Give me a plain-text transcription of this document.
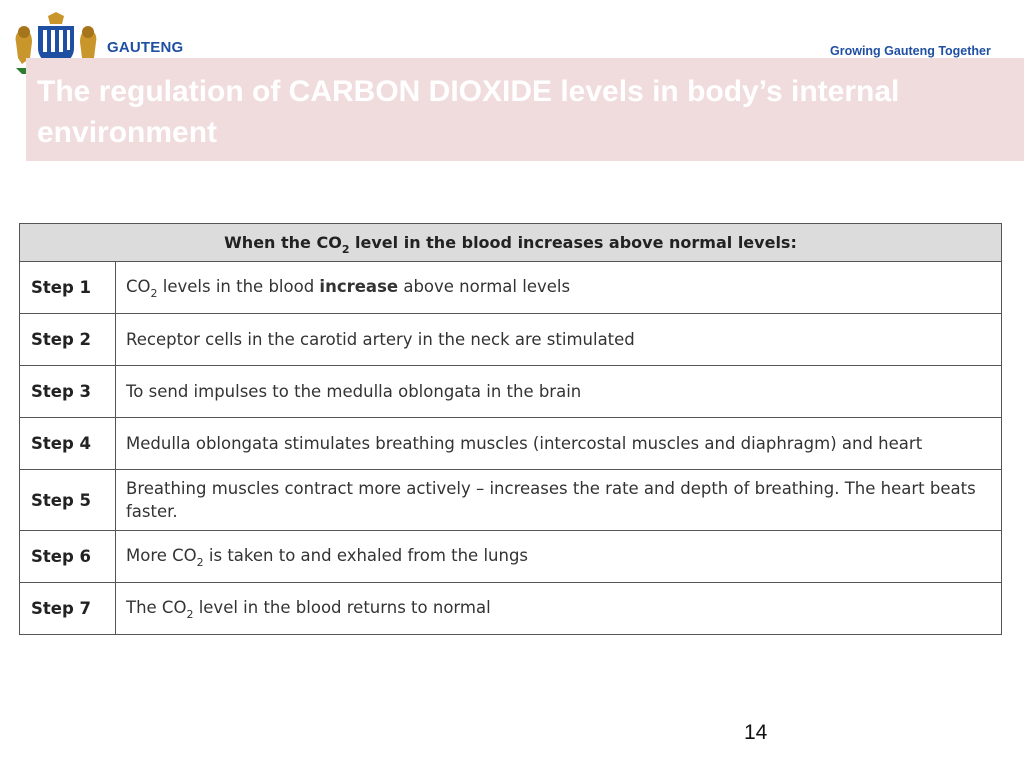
GAUTENG	Growing Gauteng Together
The regulation of CARBON DIOXIDE levels in body’s internal environment
When the $CO_2$ level in the blood increases above normal levels:	
Step 1	$CO_2$ levels in the blood increase above normal levels
Step 2	Receptor cells in the carotid artery in the neck are stimulated
Step 3	To send impulses to the medulla oblongata in the brain
Step 4	Medulla oblongata stimulates breathing muscles (intercostal muscles and diaphragm) and heart
Step 5	Breathing muscles contract more actively – increases the rate and depth of breathing. The heart beats faster.
Step 6	More $CO_2$ is taken to and exhaled from the lungs
Step 7	The $CO_2$ level in the blood returns to normal
14
